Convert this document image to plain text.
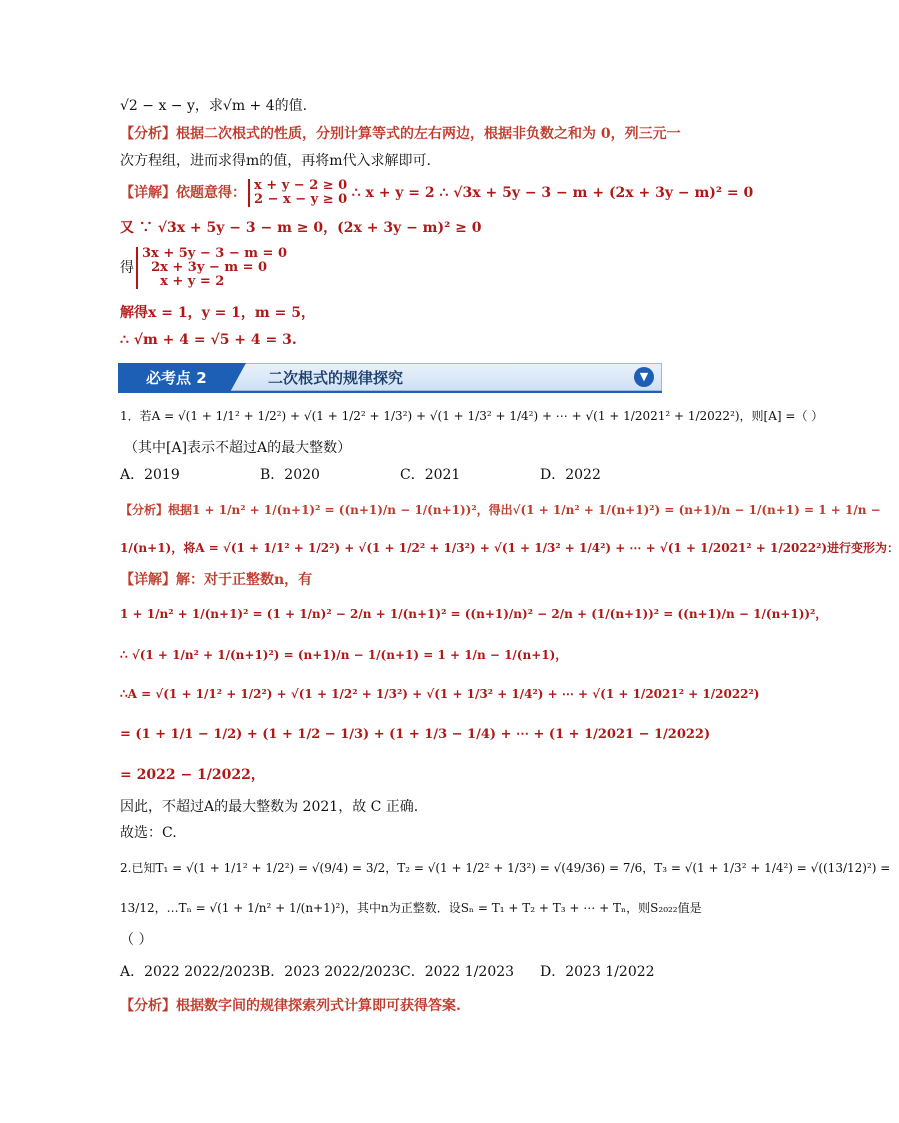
√2 − x − y，求√m + 4的值.
【分析】根据二次根式的性质，分别计算等式的左右两边，根据非负数之和为 0，列三元一
次方程组，进而求得m的值，再将m代入求解即可.
【详解】依题意得： x + y − 2 ≥ 0
2 − x − y ≥ 0 ∴ x + y = 2 ∴ √3x + 5y − 3 − m + (2x + 3y − m)² = 0
又 ∵ √3x + 5y − 3 − m ≥ 0，(2x + 3y − m)² ≥ 0
得3x + 5y − 3 − m = 0
2x + 3y − m = 0
x + y = 2
解得x = 1，y = 1，m = 5，
∴ √m + 4 = √5 + 4 = 3.
必考点 2	二次根式的规律探究	▼
1．若A = √(1 + 1/1² + 1/2²) + √(1 + 1/2² + 1/3²) + √(1 + 1/3² + 1/4²) + ⋯ + √(1 + 1/2021² + 1/2022²)，则[A] =（ ）
（其中[A]表示不超过A的最大整数）
A．2019	B．2020	C．2021	D．2022
【分析】根据1 + 1/n² + 1/(n+1)² = ((n+1)/n − 1/(n+1))²，得出√(1 + 1/n² + 1/(n+1)²) = (n+1)/n − 1/(n+1) = 1 + 1/n −
1/(n+1)，将A = √(1 + 1/1² + 1/2²) + √(1 + 1/2² + 1/3²) + √(1 + 1/3² + 1/4²) + ⋯ + √(1 + 1/2021² + 1/2022²)进行变形为：
【详解】解：对于正整数n，有
1 + 1/n² + 1/(n+1)² = (1 + 1/n)² − 2/n + 1/(n+1)² = ((n+1)/n)² − 2/n + (1/(n+1))² = ((n+1)/n − 1/(n+1))²，
∴ √(1 + 1/n² + 1/(n+1)²) = (n+1)/n − 1/(n+1) = 1 + 1/n − 1/(n+1)，
∴A = √(1 + 1/1² + 1/2²) + √(1 + 1/2² + 1/3²) + √(1 + 1/3² + 1/4²) + ⋯ + √(1 + 1/2021² + 1/2022²)
= (1 + 1/1 − 1/2) + (1 + 1/2 − 1/3) + (1 + 1/3 − 1/4) + ⋯ + (1 + 1/2021 − 1/2022)
= 2022 − 1/2022，
因此，不超过A的最大整数为 2021，故 C 正确.
故选：C.
2.已知T₁ = √(1 + 1/1² + 1/2²) = √(9/4) = 3/2，T₂ = √(1 + 1/2² + 1/3²) = √(49/36) = 7/6，T₃ = √(1 + 1/3² + 1/4²) = √((13/12)²) =
13/12，…Tₙ = √(1 + 1/n² + 1/(n+1)²)，其中n为正整数．设Sₙ = T₁ + T₂ + T₃ + ⋯ + Tₙ，则S₂₀₂₂值是
（ ）
A．2022 2022/2023B．2023 2022/2023C．2022 1/2023 D．2023 1/2022
【分析】根据数字间的规律探索列式计算即可获得答案.
